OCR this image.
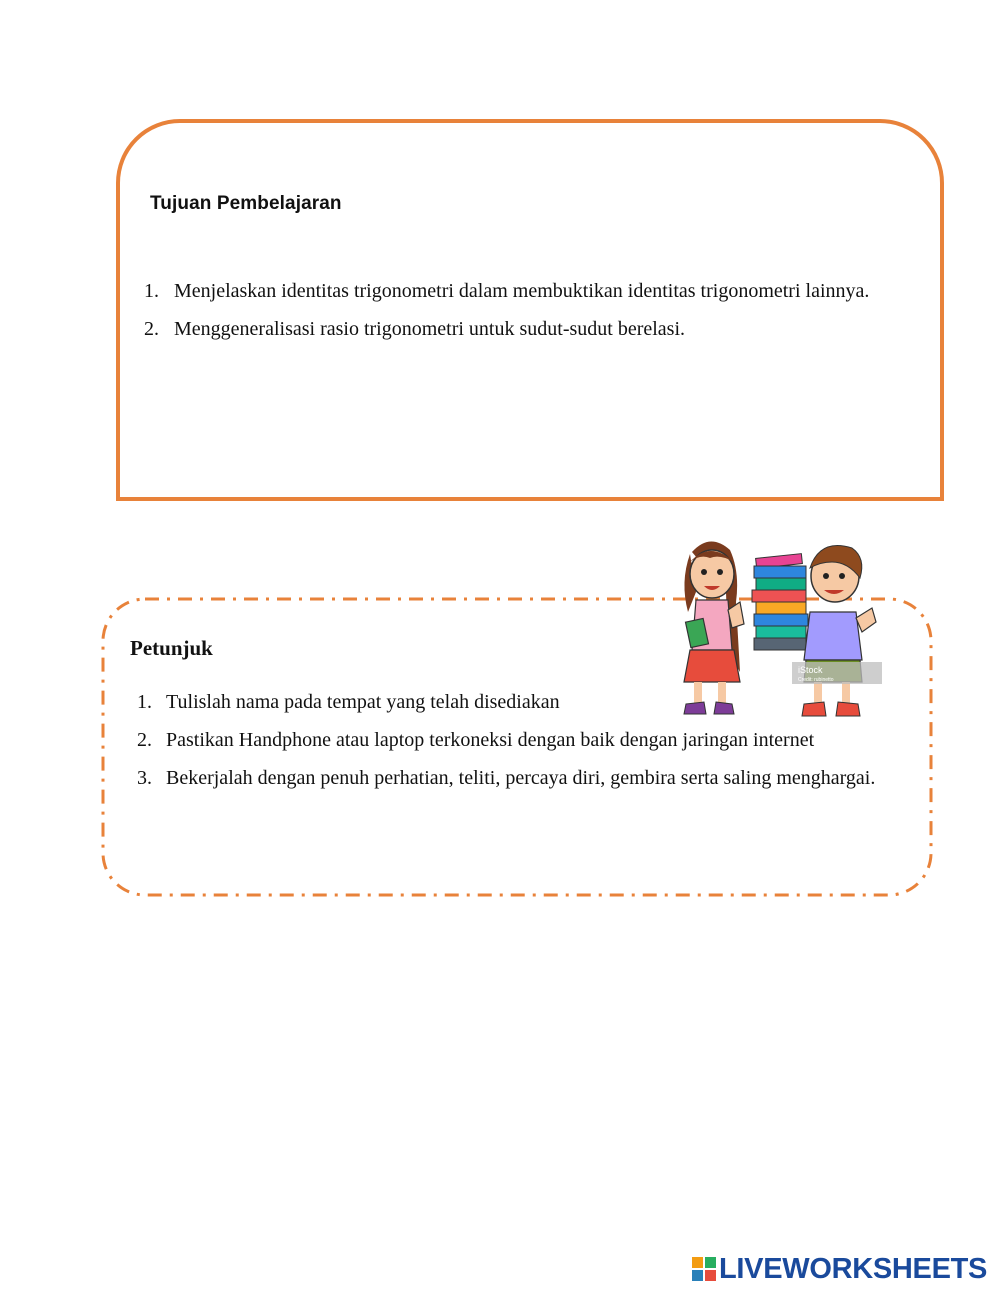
Tujuan Pembelajaran
1. Menjelaskan identitas trigonometri dalam membuktikan identitas trigonometri lainnya.
2. Menggeneralisasi rasio trigonometri untuk sudut-sudut berelasi.
Petunjuk
1. Tulislah nama pada tempat yang telah disediakan
2. Pastikan Handphone atau laptop terkoneksi dengan baik dengan jaringan internet
3. Bekerjalah dengan penuh perhatian, teliti, percaya diri, gembira serta saling menghargai.
iStock
Credit: rubinetto
LIVEWORKSHEETS
